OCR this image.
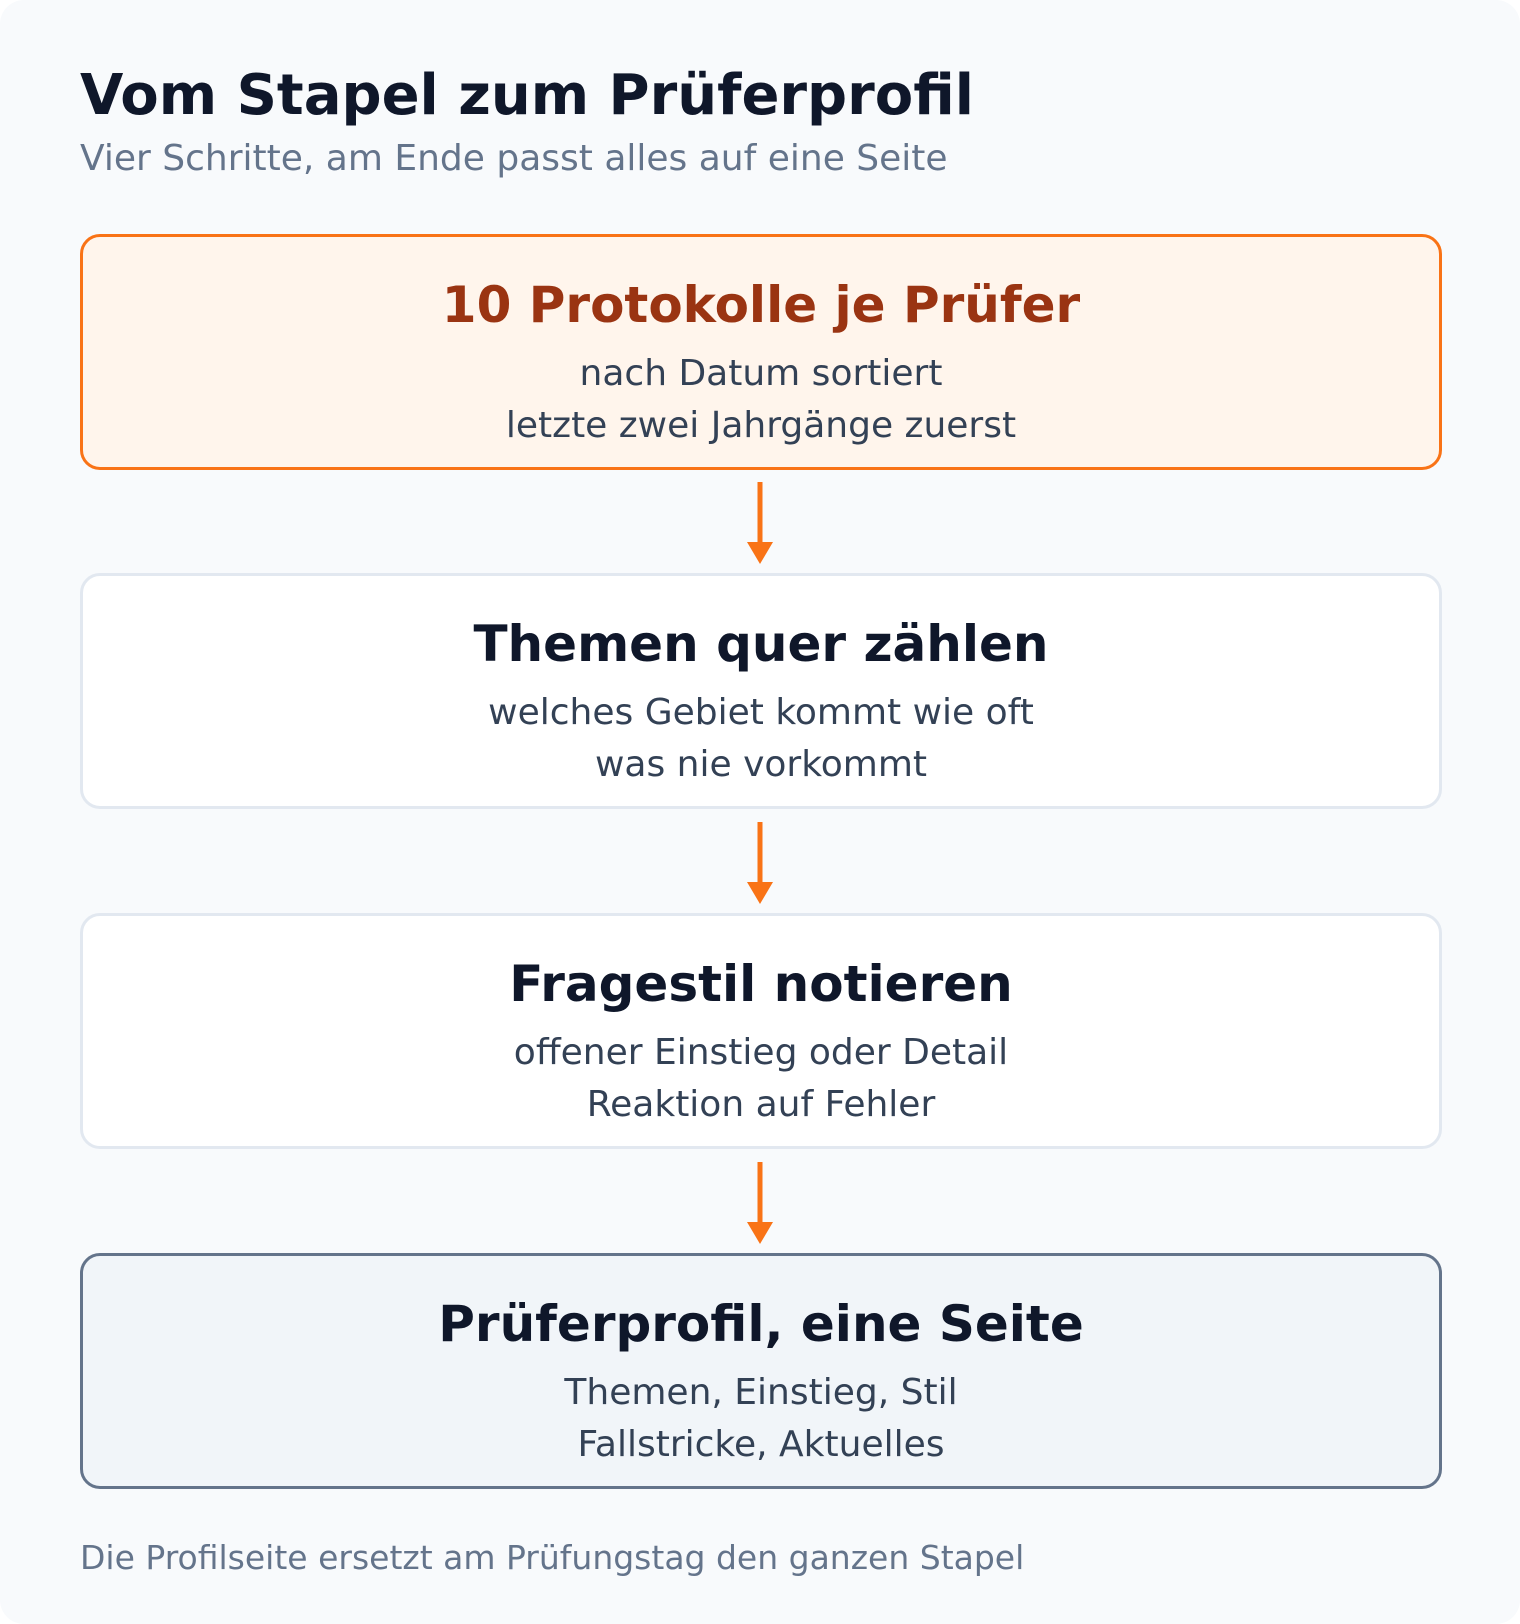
Vom Stapel zum Prüferprofil
Vier Schritte, am Ende passt alles auf eine Seite
10 Protokolle je Prüfer
nach Datum sortiert
letzte zwei Jahrgänge zuerst
Themen quer zählen
welches Gebiet kommt wie oft
was nie vorkommt
Fragestil notieren
offener Einstieg oder Detail
Reaktion auf Fehler
Prüferprofil, eine Seite
Themen, Einstieg, Stil
Fallstricke, Aktuelles
Die Profilseite ersetzt am Prüfungstag den ganzen Stapel
